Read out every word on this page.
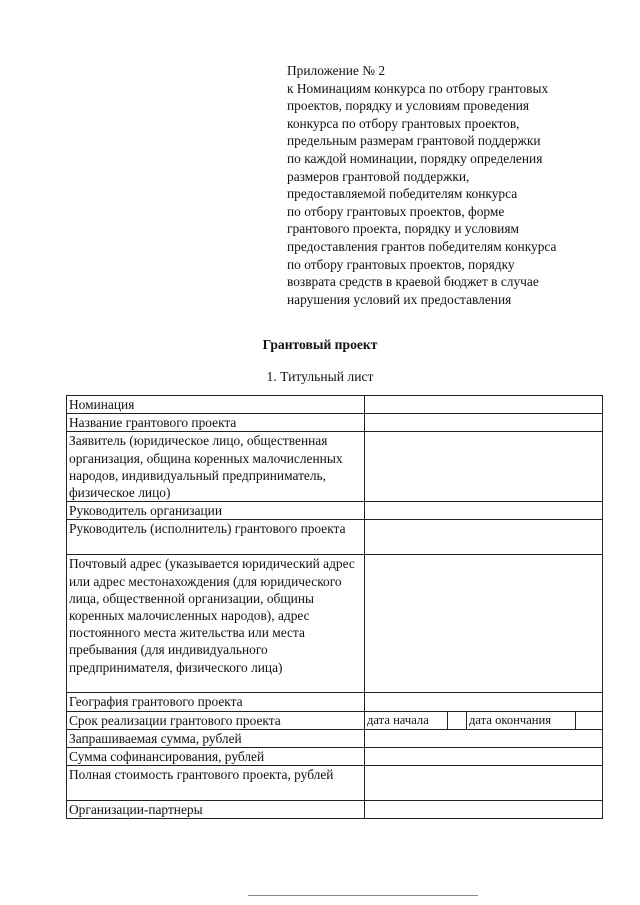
Приложение № 2
к Номинациям конкурса по отбору грантовых
проектов, порядку и условиям проведения
конкурса по отбору грантовых проектов,
предельным размерам грантовой поддержки
по каждой номинации, порядку определения
размеров грантовой поддержки,
предоставляемой победителям конкурса
по отбору грантовых проектов, форме
грантового проекта, порядку и условиям
предоставления грантов победителям конкурса
по отбору грантовых проектов, порядку
возврата средств в краевой бюджет в случае
нарушения условий их предоставления
Грантовый проект
1. Титульный лист
Номинация	
Название грантового проекта	
Заявитель (юридическое лицо, общественная организация, община коренных малочисленных народов, индивидуальный предприниматель, физическое лицо)	
Руководитель организации	
Руководитель (исполнитель) грантового проекта	
Почтовый адрес (указывается юридический адрес или адрес местонахождения (для юридического лица, общественной организации, общины коренных малочисленных народов), адрес постоянного места жительства или места пребывания (для индивидуального предпринимателя, физического лица)	
География грантового проекта	
Срок реализации грантового проекта	дата начала дата окончания

Запрашиваемая сумма, рублей	
Сумма софинансирования, рублей	
Полная стоимость грантового проекта, рублей	
Организации-партнеры	
